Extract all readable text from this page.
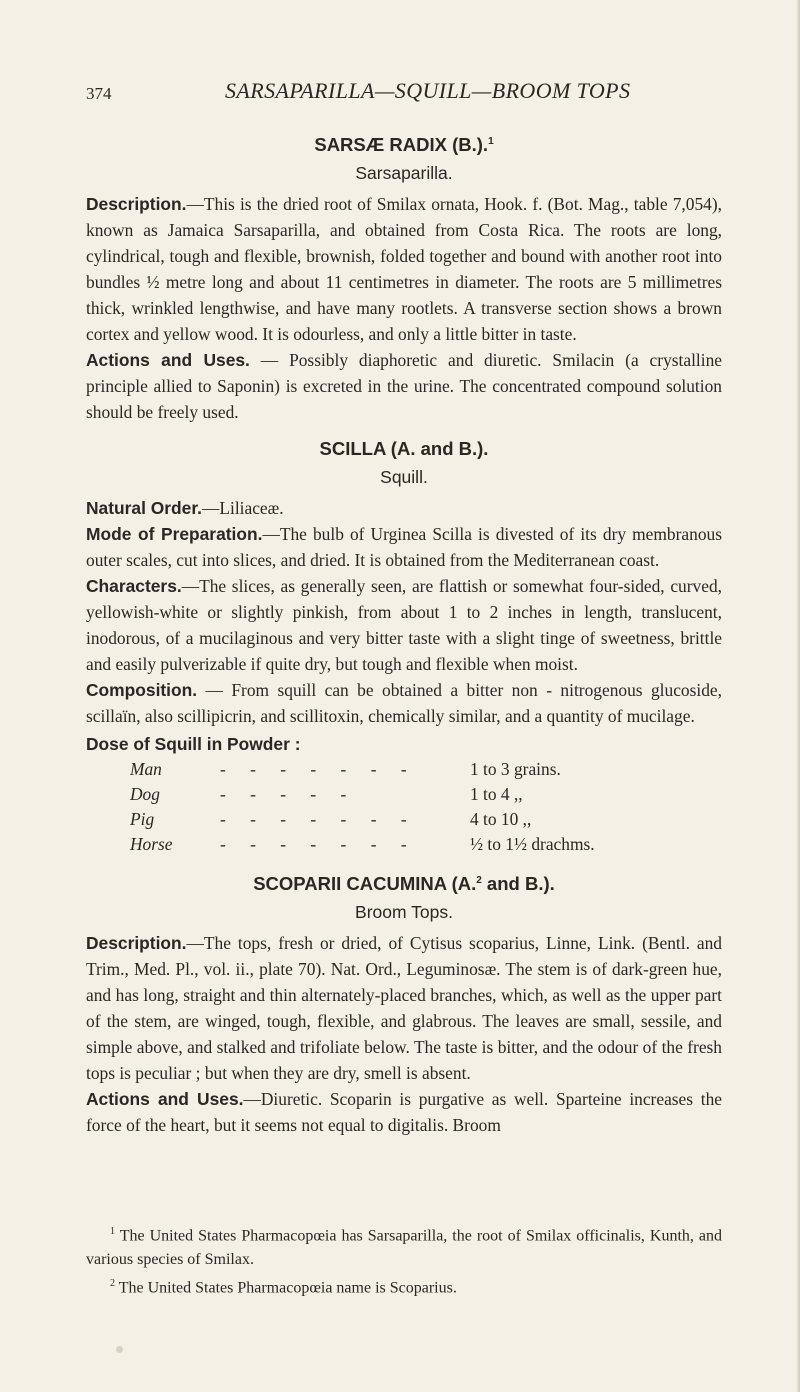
374	SARSAPARILLA—SQUILL—BROOM TOPS
SARSÆ RADIX (B.).$^1$
Sarsaparilla.

Description.—This is the dried root of Smilax ornata, Hook. f. (Bot. Mag., table 7,054), known as Jamaica Sarsaparilla, and obtained from Costa Rica. The roots are long, cylindrical, tough and flexible, brownish, folded together and bound with another root into bundles ½ metre long and about 11 centimetres in diameter. The roots are 5 millimetres thick, wrinkled lengthwise, and have many rootlets. A transverse section shows a brown cortex and yellow wood. It is odourless, and only a little bitter in taste.

Actions and Uses. — Possibly diaphoretic and diuretic. Smilacin (a crystalline principle allied to Saponin) is excreted in the urine. The concentrated compound solution should be freely used.

SCILLA (A. and B.).
Squill.

Natural Order.—Liliaceæ.

Mode of Preparation.—The bulb of Urginea Scilla is divested of its dry membranous outer scales, cut into slices, and dried. It is obtained from the Mediterranean coast.

Characters.—The slices, as generally seen, are flattish or somewhat four-sided, curved, yellowish-white or slightly pinkish, from about 1 to 2 inches in length, translucent, inodorous, of a mucilaginous and very bitter taste with a slight tinge of sweetness, brittle and easily pulverizable if quite dry, but tough and flexible when moist.

Composition. — From squill can be obtained a bitter non - nitrogenous glucoside, scillaïn, also scillipicrin, and scillitoxin, chemically similar, and a quantity of mucilage.

Dose of Squill in Powder :
Man	- - - - - - -	1 to 3 grains.
Dog	- - - - -	1 to 4 ,,
Pig	- - - - - - -	4 to 10 ,,
Horse	- - - - - - -	½ to 1½ drachms.
SCOPARII CACUMINA (A.$^2$ and B.).
Broom Tops.

Description.—The tops, fresh or dried, of Cytisus scoparius, Linne, Link. (Bentl. and Trim., Med. Pl., vol. ii., plate 70). Nat. Ord., Leguminosæ. The stem is of dark-green hue, and has long, straight and thin alternately-placed branches, which, as well as the upper part of the stem, are winged, tough, flexible, and glabrous. The leaves are small, sessile, and simple above, and stalked and trifoliate below. The taste is bitter, and the odour of the fresh tops is peculiar ; but when they are dry, smell is absent.

Actions and Uses.—Diuretic. Scoparin is purgative as well. Sparteine increases the force of the heart, but it seems not equal to digitalis. Broom

$^1$ The United States Pharmacopœia has Sarsaparilla, the root of Smilax officinalis, Kunth, and various species of Smilax.

$^2$ The United States Pharmacopœia name is Scoparius.
